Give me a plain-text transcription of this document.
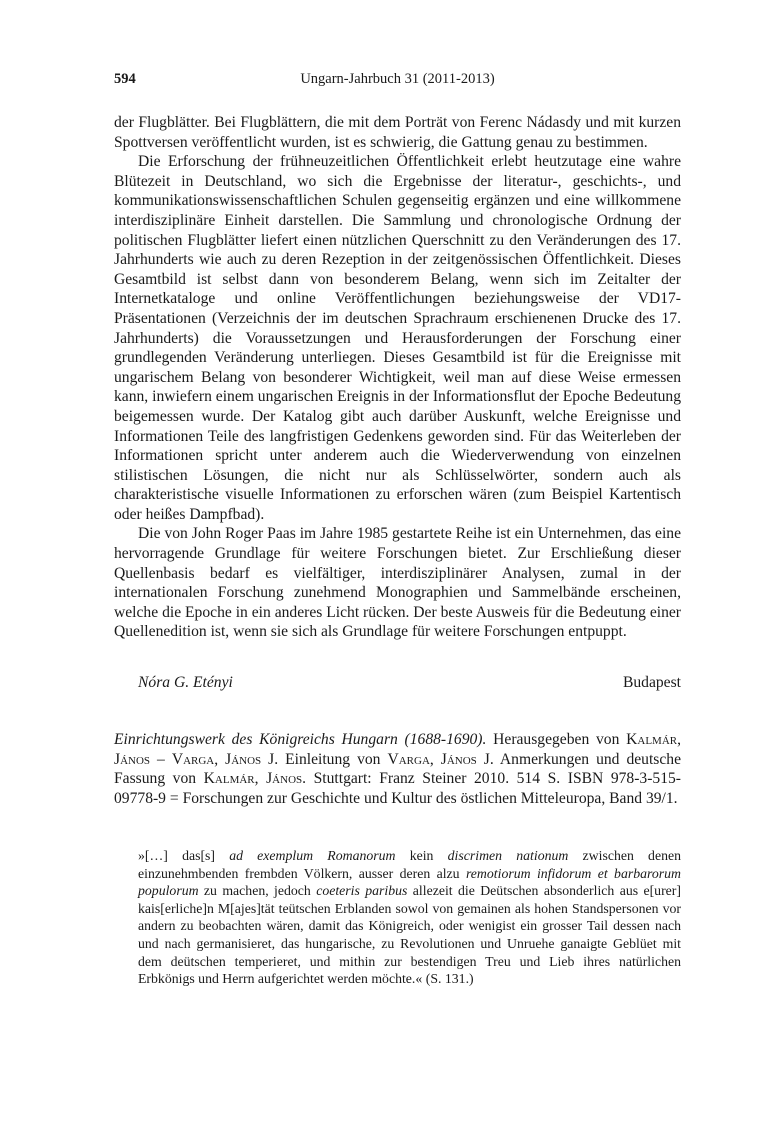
594	Ungarn-Jahrbuch 31 (2011-2013)

der Flugblätter. Bei Flugblättern, die mit dem Porträt von Ferenc Nádasdy und mit kurzen Spottversen veröffentlicht wurden, ist es schwierig, die Gattung genau zu bestimmen.

Die Erforschung der frühneuzeitlichen Öffentlichkeit erlebt heutzutage eine wahre Blütezeit in Deutschland, wo sich die Ergebnisse der literatur-, geschichts-, und kommunikationswissenschaftlichen Schulen gegenseitig ergänzen und eine willkommene interdisziplinäre Einheit darstellen. Die Sammlung und chronologische Ordnung der politischen Flugblätter liefert einen nützlichen Querschnitt zu den Veränderungen des 17. Jahrhunderts wie auch zu deren Rezeption in der zeitgenössischen Öffentlichkeit. Dieses Gesamtbild ist selbst dann von besonderem Belang, wenn sich im Zeitalter der Internetkataloge und online Veröffentlichungen beziehungsweise der VD17-Präsentationen (Verzeichnis der im deutschen Sprachraum erschienenen Drucke des 17. Jahrhunderts) die Voraussetzungen und Herausforderungen der Forschung einer grundlegenden Veränderung unterliegen. Dieses Gesamtbild ist für die Ereignisse mit ungarischem Belang von besonderer Wichtigkeit, weil man auf diese Weise ermessen kann, inwiefern einem ungarischen Ereignis in der Informationsflut der Epoche Bedeutung beigemessen wurde. Der Katalog gibt auch darüber Auskunft, welche Ereignisse und Informationen Teile des langfristigen Gedenkens geworden sind. Für das Weiterleben der Informationen spricht unter anderem auch die Wiederverwendung von einzelnen stilistischen Lösungen, die nicht nur als Schlüsselwörter, sondern auch als charakteristische visuelle Informationen zu erforschen wären (zum Beispiel Kartentisch oder heißes Dampfbad).

Die von John Roger Paas im Jahre 1985 gestartete Reihe ist ein Unternehmen, das eine hervorragende Grundlage für weitere Forschungen bietet. Zur Erschließung dieser Quellenbasis bedarf es vielfältiger, interdisziplinärer Analysen, zumal in der internationalen Forschung zunehmend Monographien und Sammelbände erscheinen, welche die Epoche in ein anderes Licht rücken. Der beste Ausweis für die Bedeutung einer Quellenedition ist, wenn sie sich als Grundlage für weitere Forschungen entpuppt.

Nóra G. Etényi	Budapest
Einrichtungswerk des Königreichs Hungarn (1688-1690). Herausgegeben von Kalmár, János – Varga, János J. Einleitung von Varga, János J. Anmerkungen und deutsche Fassung von Kalmár, János. Stuttgart: Franz Steiner 2010. 514 S. ISBN 978-3-515-09778-9 = Forschungen zur Geschichte und Kultur des östlichen Mitteleuropa, Band 39/1.
»[…] das[s] ad exemplum Romanorum kein discrimen nationum zwischen denen einzunehmbenden frembden Völkern, ausser deren alzu remotiorum infidorum et barbarorum populorum zu machen, jedoch coeteris paribus allezeit die Deütschen absonderlich aus e[urer] kais[erliche]n M[ajes]tät teütschen Erblanden sowol von gemainen als hohen Standspersonen vor andern zu beobachten wären, damit das Königreich, oder wenigist ein grosser Tail dessen nach und nach germanisieret, das hungarische, zu Revolutionen und Unruehe ganaigte Geblüet mit dem deütschen temperieret, und mithin zur bestendigen Treu und Lieb ihres natürlichen Erbkönigs und Herrn aufgerichtet werden möchte.« (S. 131.)
